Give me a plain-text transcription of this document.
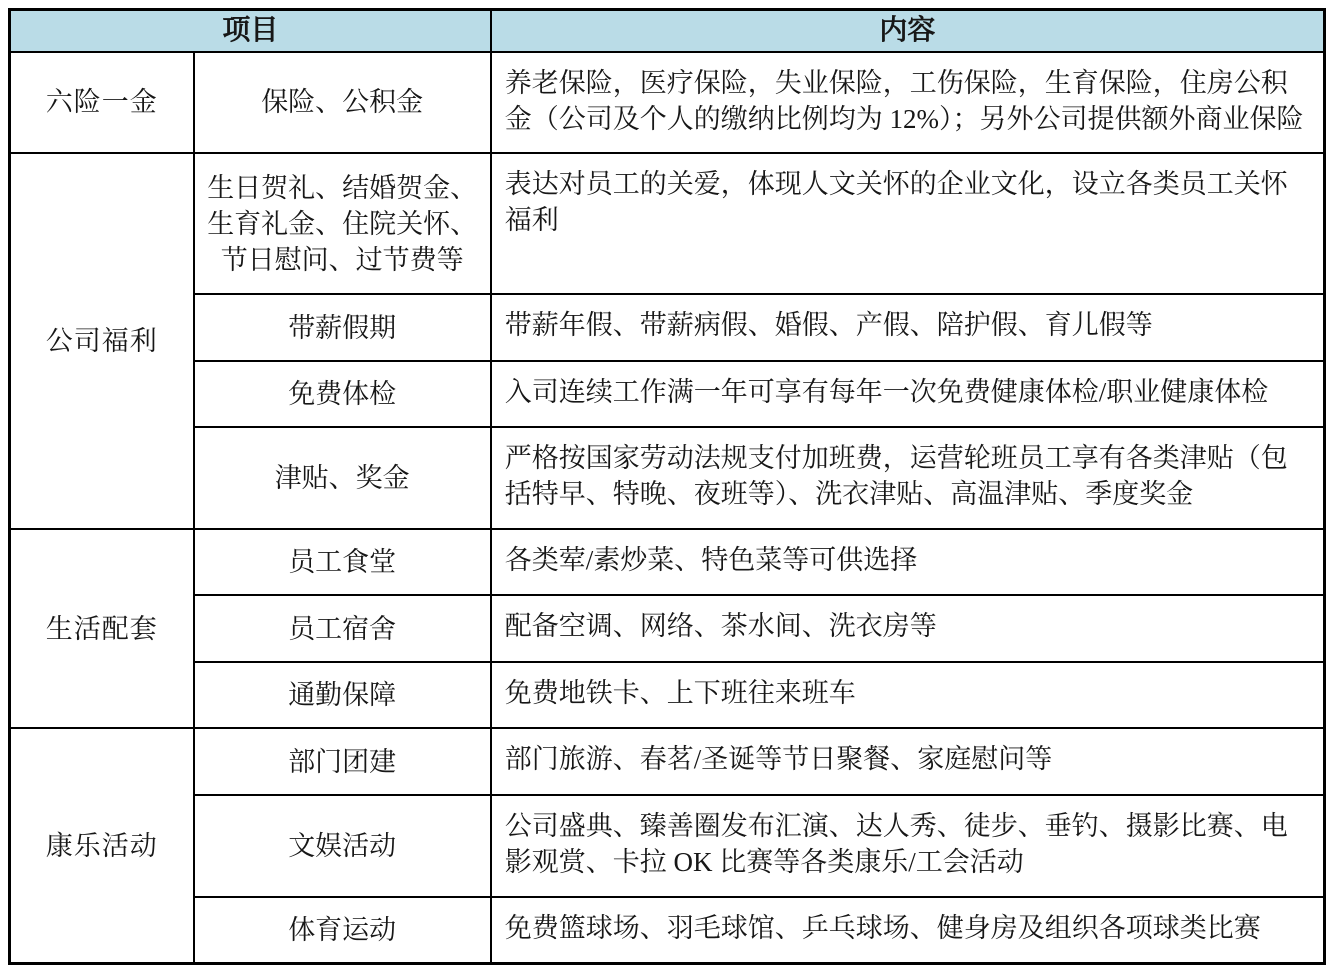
项目		内容
六险一金	保险、公积金	养老保险，医疗保险，失业保险，工伤保险，生育保险，住房公积金（公司及个人的缴纳比例均为 12%）；另外公司提供额外商业保险
公司福利	生日贺礼、结婚贺金、生育礼金、住院关怀、节日慰问、过节费等	表达对员工的关爱，体现人文关怀的企业文化，设立各类员工关怀福利
	带薪假期	带薪年假、带薪病假、婚假、产假、陪护假、育儿假等
	免费体检	入司连续工作满一年可享有每年一次免费健康体检/职业健康体检
	津贴、奖金	严格按国家劳动法规支付加班费，运营轮班员工享有各类津贴（包括特早、特晚、夜班等）、洗衣津贴、高温津贴、季度奖金
生活配套	员工食堂	各类荤/素炒菜、特色菜等可供选择
	员工宿舍	配备空调、网络、茶水间、洗衣房等
	通勤保障	免费地铁卡、上下班往来班车
康乐活动	部门团建	部门旅游、春茗/圣诞等节日聚餐、家庭慰问等
	文娱活动	公司盛典、臻善圈发布汇演、达人秀、徒步、垂钓、摄影比赛、电影观赏、卡拉 OK 比赛等各类康乐/工会活动
	体育运动	免费篮球场、羽毛球馆、乒乓球场、健身房及组织各项球类比赛
